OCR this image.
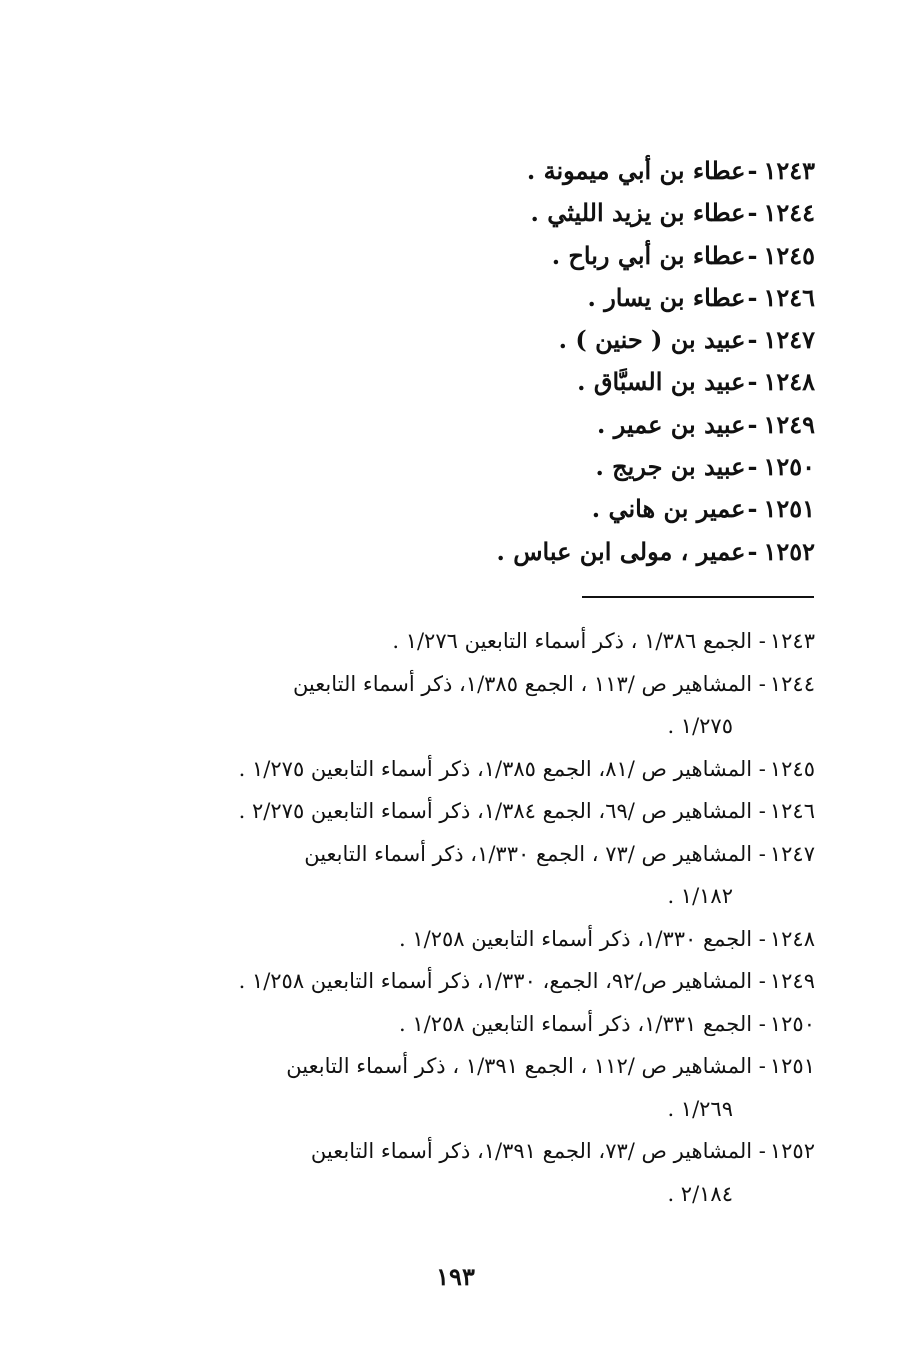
١٢٤٣-عطاء بن أبي ميمونة .
١٢٤٤-عطاء بن يزيد الليثي .
١٢٤٥-عطاء بن أبي رباح .
١٢٤٦-عطاء بن يسار .
١٢٤٧-عبيد بن ( حنين ) .
١٢٤٨-عبيد بن السبَّاق .
١٢٤٩-عبيد بن عمير .
١٢٥٠-عبيد بن جريج .
١٢٥١-عمير بن هاني .
١٢٥٢-عمير ، مولى ابن عباس .
١٢٤٣- الجمع ١/٣٨٦ ، ذكر أسماء التابعين ١/٢٧٦ .
١٢٤٤- المشاهير ص /١١٣ ، الجمع ١/٣٨٥، ذكر أسماء التابعين
١/٢٧٥ .
١٢٤٥- المشاهير ص /٨١، الجمع ١/٣٨٥، ذكر أسماء التابعين ١/٢٧٥ .
١٢٤٦- المشاهير ص /٦٩، الجمع ١/٣٨٤، ذكر أسماء التابعين ٢/٢٧٥ .
١٢٤٧- المشاهير ص /٧٣ ، الجمع ١/٣٣٠، ذكر أسماء التابعين
١/١٨٢ .
١٢٤٨- الجمع ١/٣٣٠، ذكر أسماء التابعين ١/٢٥٨ .
١٢٤٩- المشاهير ص/٩٢، الجمع، ١/٣٣٠، ذكر أسماء التابعين ١/٢٥٨ .
١٢٥٠- الجمع ١/٣٣١، ذكر أسماء التابعين ١/٢٥٨ .
١٢٥١- المشاهير ص /١١٢ ، الجمع ١/٣٩١ ، ذكر أسماء التابعين
١/٢٦٩ .
١٢٥٢- المشاهير ص /٧٣، الجمع ١/٣٩١، ذكر أسماء التابعين
٢/١٨٤ .
١٩٣
